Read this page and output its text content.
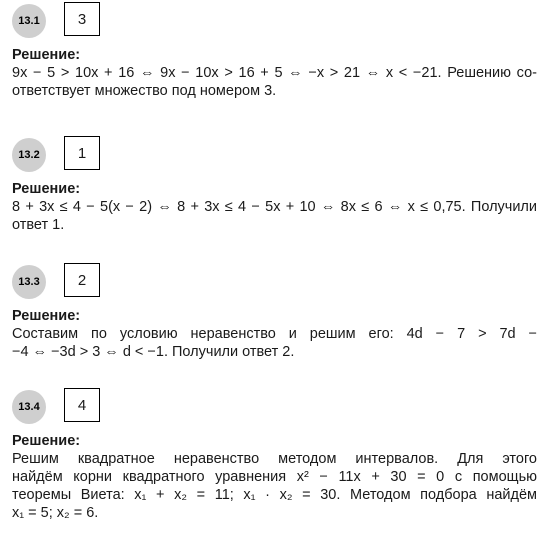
13.1	3
Решение:
9x − 5 > 10x + 16 ⇔ 9x − 10x > 16 + 5 ⇔ −x > 21 ⇔ x < −21. Решению со-
ответствует множество под номером 3.
13.2	1
Решение:
8 + 3x ≤ 4 − 5(x − 2) ⇔ 8 + 3x ≤ 4 − 5x + 10 ⇔ 8x ≤ 6 ⇔ x ≤ 0,75. Получили
ответ 1.
13.3	2
Решение:
Составим по условию неравенство и решим его: 4d − 7 > 7d −
−4 ⇔ −3d > 3 ⇔ d < −1. Получили ответ 2.
13.4	4
Решение:
Решим квадратное неравенство методом интервалов. Для этого
найдём корни квадратного уравнения x² − 11x + 30 = 0 с помощью
теоремы Виета: x₁ + x₂ = 11; x₁ · x₂ = 30. Методом подбора найдём
x₁ = 5; x₂ = 6.
